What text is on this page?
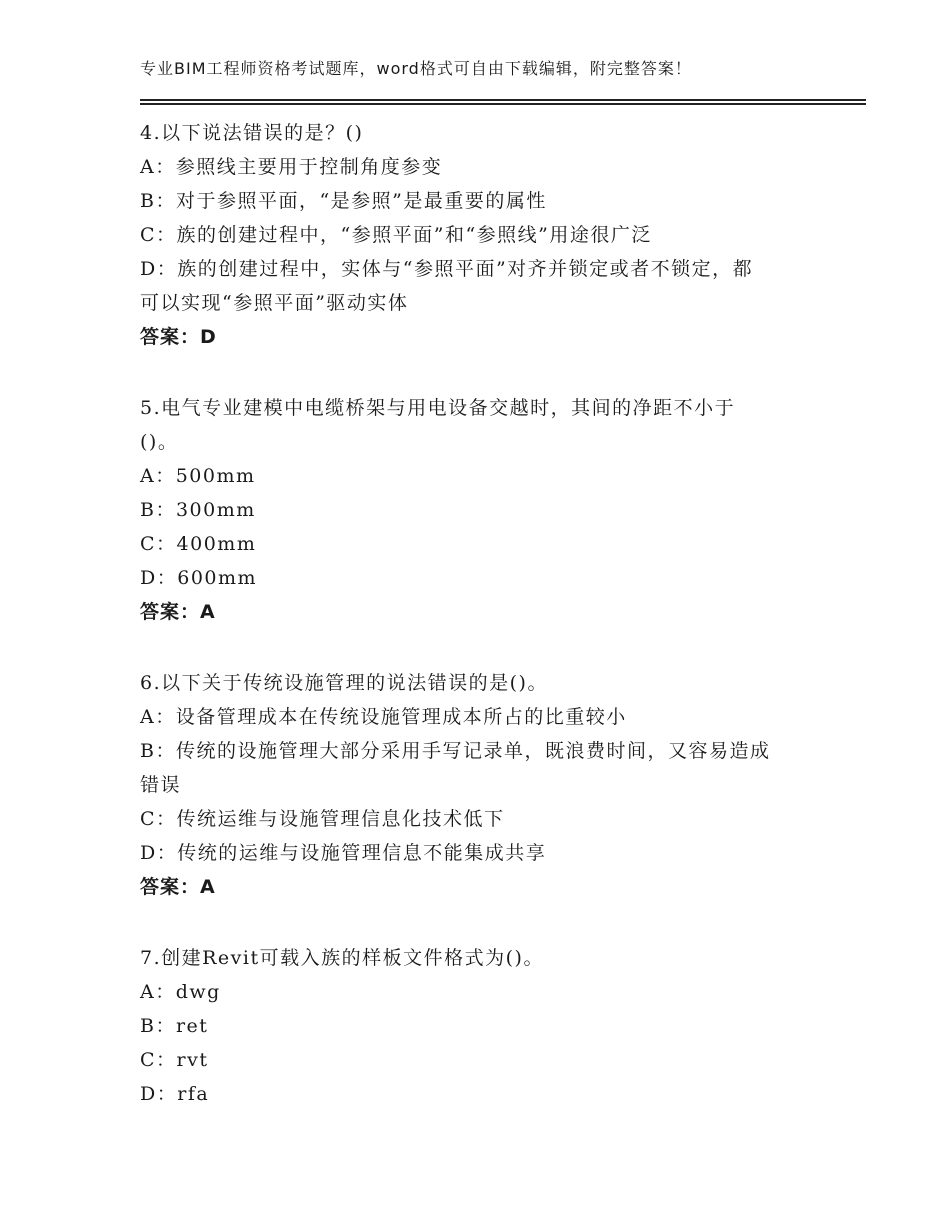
专业BIM工程师资格考试题库，word格式可自由下载编辑，附完整答案！
4.以下说法错误的是？()
A：参照线主要用于控制角度参变
B：对于参照平面，“是参照”是最重要的属性
C：族的创建过程中，“参照平面”和“参照线”用途很广泛
D：族的创建过程中，实体与“参照平面”对齐并锁定或者不锁定，都
可以实现“参照平面”驱动实体
答案：D
5.电气专业建模中电缆桥架与用电设备交越时，其间的净距不小于
()。
A：500mm
B：300mm
C：400mm
D：600mm
答案：A
6.以下关于传统设施管理的说法错误的是()。
A：设备管理成本在传统设施管理成本所占的比重较小
B：传统的设施管理大部分采用手写记录单，既浪费时间，又容易造成
错误
C：传统运维与设施管理信息化技术低下
D：传统的运维与设施管理信息不能集成共享
答案：A
7.创建Revit可载入族的样板文件格式为()。
A：dwg
B：ret
C：rvt
D：rfa
